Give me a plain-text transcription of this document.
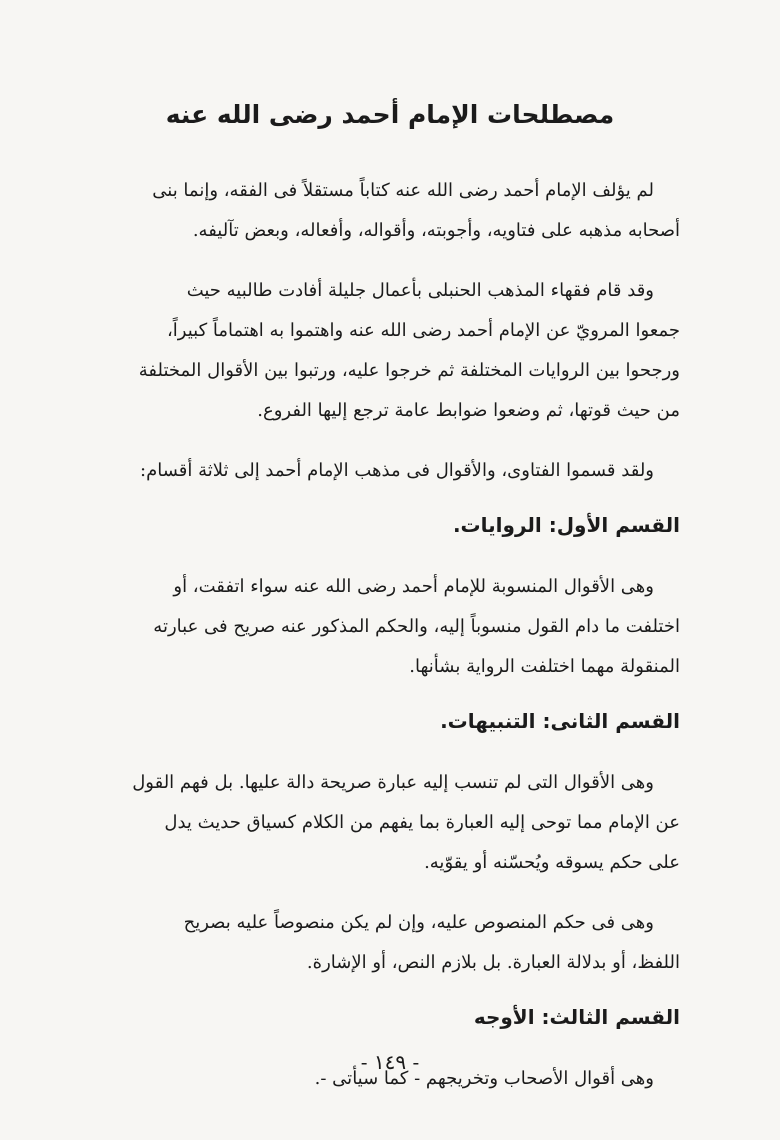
مصطلحات الإمام أحمد رضى الله عنه
لم يؤلف الإمام أحمد رضى الله عنه كتاباً مستقلاً فى الفقه، وإنما بنى
أصحابه مذهبه على فتاويه، وأجوبته، وأقواله، وأفعاله، وبعض تآليفه.
وقد قام فقهاء المذهب الحنبلى بأعمال جليلة أفادت طالبيه حيث
جمعوا المرويّ عن الإمام أحمد رضى الله عنه واهتموا به اهتماماً كبيراً،
ورجحوا بين الروايات المختلفة ثم خرجوا عليه، ورتبوا بين الأقوال المختلفة
من حيث قوتها، ثم وضعوا ضوابط عامة ترجع إليها الفروع.
ولقد قسموا الفتاوى، والأقوال فى مذهب الإمام أحمد إلى ثلاثة أقسام:
القسم الأول: الروايات.
وهى الأقوال المنسوبة للإمام أحمد رضى الله عنه سواء اتفقت، أو
اختلفت ما دام القول منسوباً إليه، والحكم المذكور عنه صريح فى عبارته
المنقولة مهما اختلفت الرواية بشأنها.
القسم الثانى: التنبيهات.
وهى الأقوال التى لم تنسب إليه عبارة صريحة دالة عليها. بل فهم القول
عن الإمام مما توحى إليه العبارة بما يفهم من الكلام كسياق حديث يدل
على حكم يسوقه ويُحسّنه أو يقوّيه.
وهى فى حكم المنصوص عليه، وإن لم يكن منصوصاً عليه بصريح
اللفظ، أو بدلالة العبارة. بل بلازم النص، أو الإشارة.
القسم الثالث: الأوجه
وهى أقوال الأصحاب وتخريجهم - كما سيأتى -.
- ١٤٩ -
